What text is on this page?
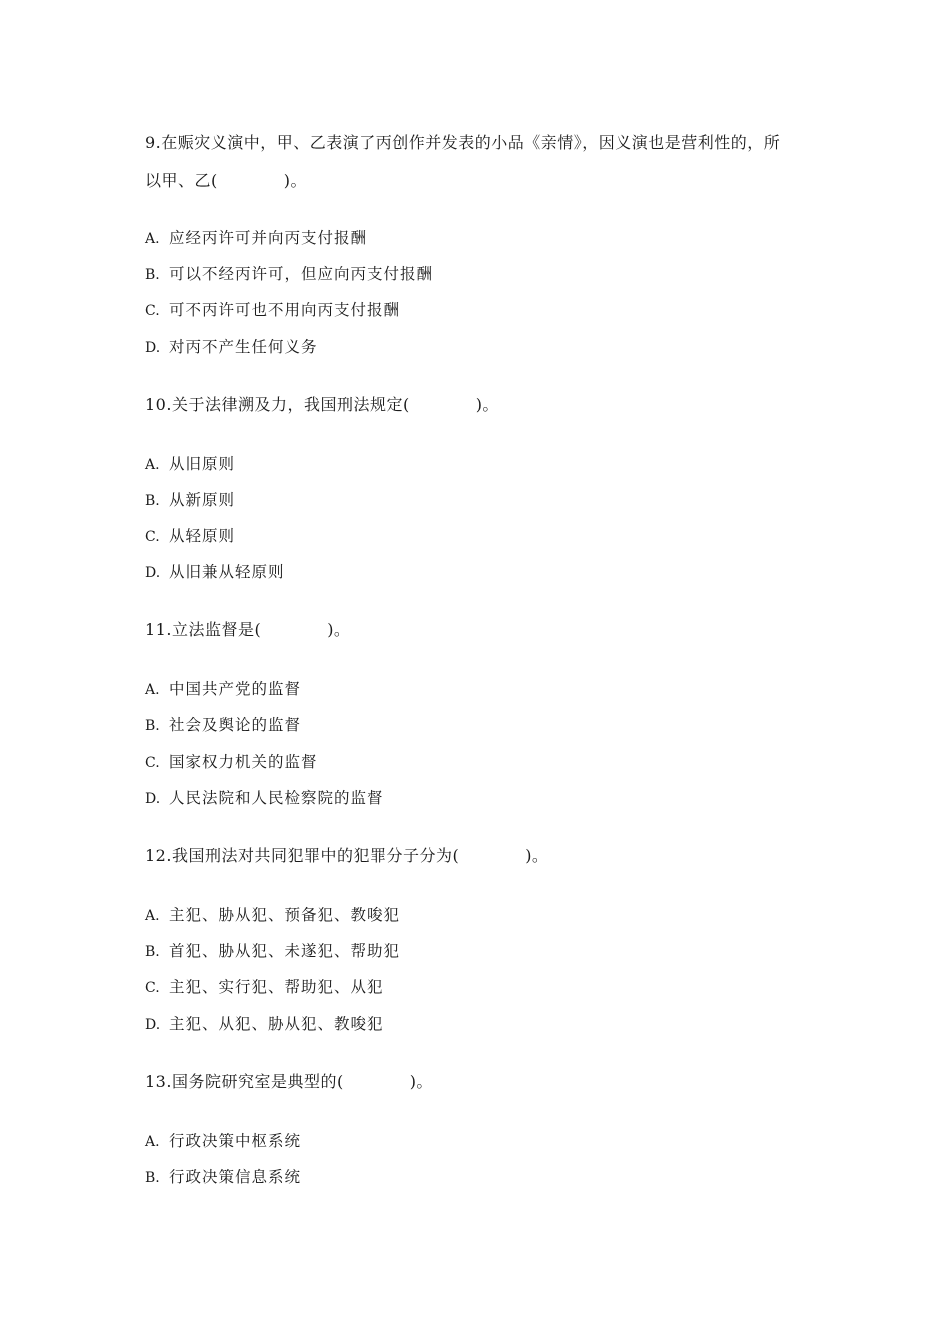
9.在赈灾义演中，甲、乙表演了丙创作并发表的小品《亲情》，因义演也是营利性的，所
以甲、乙(　　　　)。
A. 应经丙许可并向丙支付报酬
B. 可以不经丙许可，但应向丙支付报酬
C. 可不丙许可也不用向丙支付报酬
D. 对丙不产生任何义务
10.关于法律溯及力，我国刑法规定(　　　　)。
A. 从旧原则
B. 从新原则
C. 从轻原则
D. 从旧兼从轻原则
11.立法监督是(　　　　)。
A. 中国共产党的监督
B. 社会及舆论的监督
C. 国家权力机关的监督
D. 人民法院和人民检察院的监督
12.我国刑法对共同犯罪中的犯罪分子分为(　　　　)。
A. 主犯、胁从犯、预备犯、教唆犯
B. 首犯、胁从犯、未遂犯、帮助犯
C. 主犯、实行犯、帮助犯、从犯
D. 主犯、从犯、胁从犯、教唆犯
13.国务院研究室是典型的(　　　　)。
A. 行政决策中枢系统
B. 行政决策信息系统
